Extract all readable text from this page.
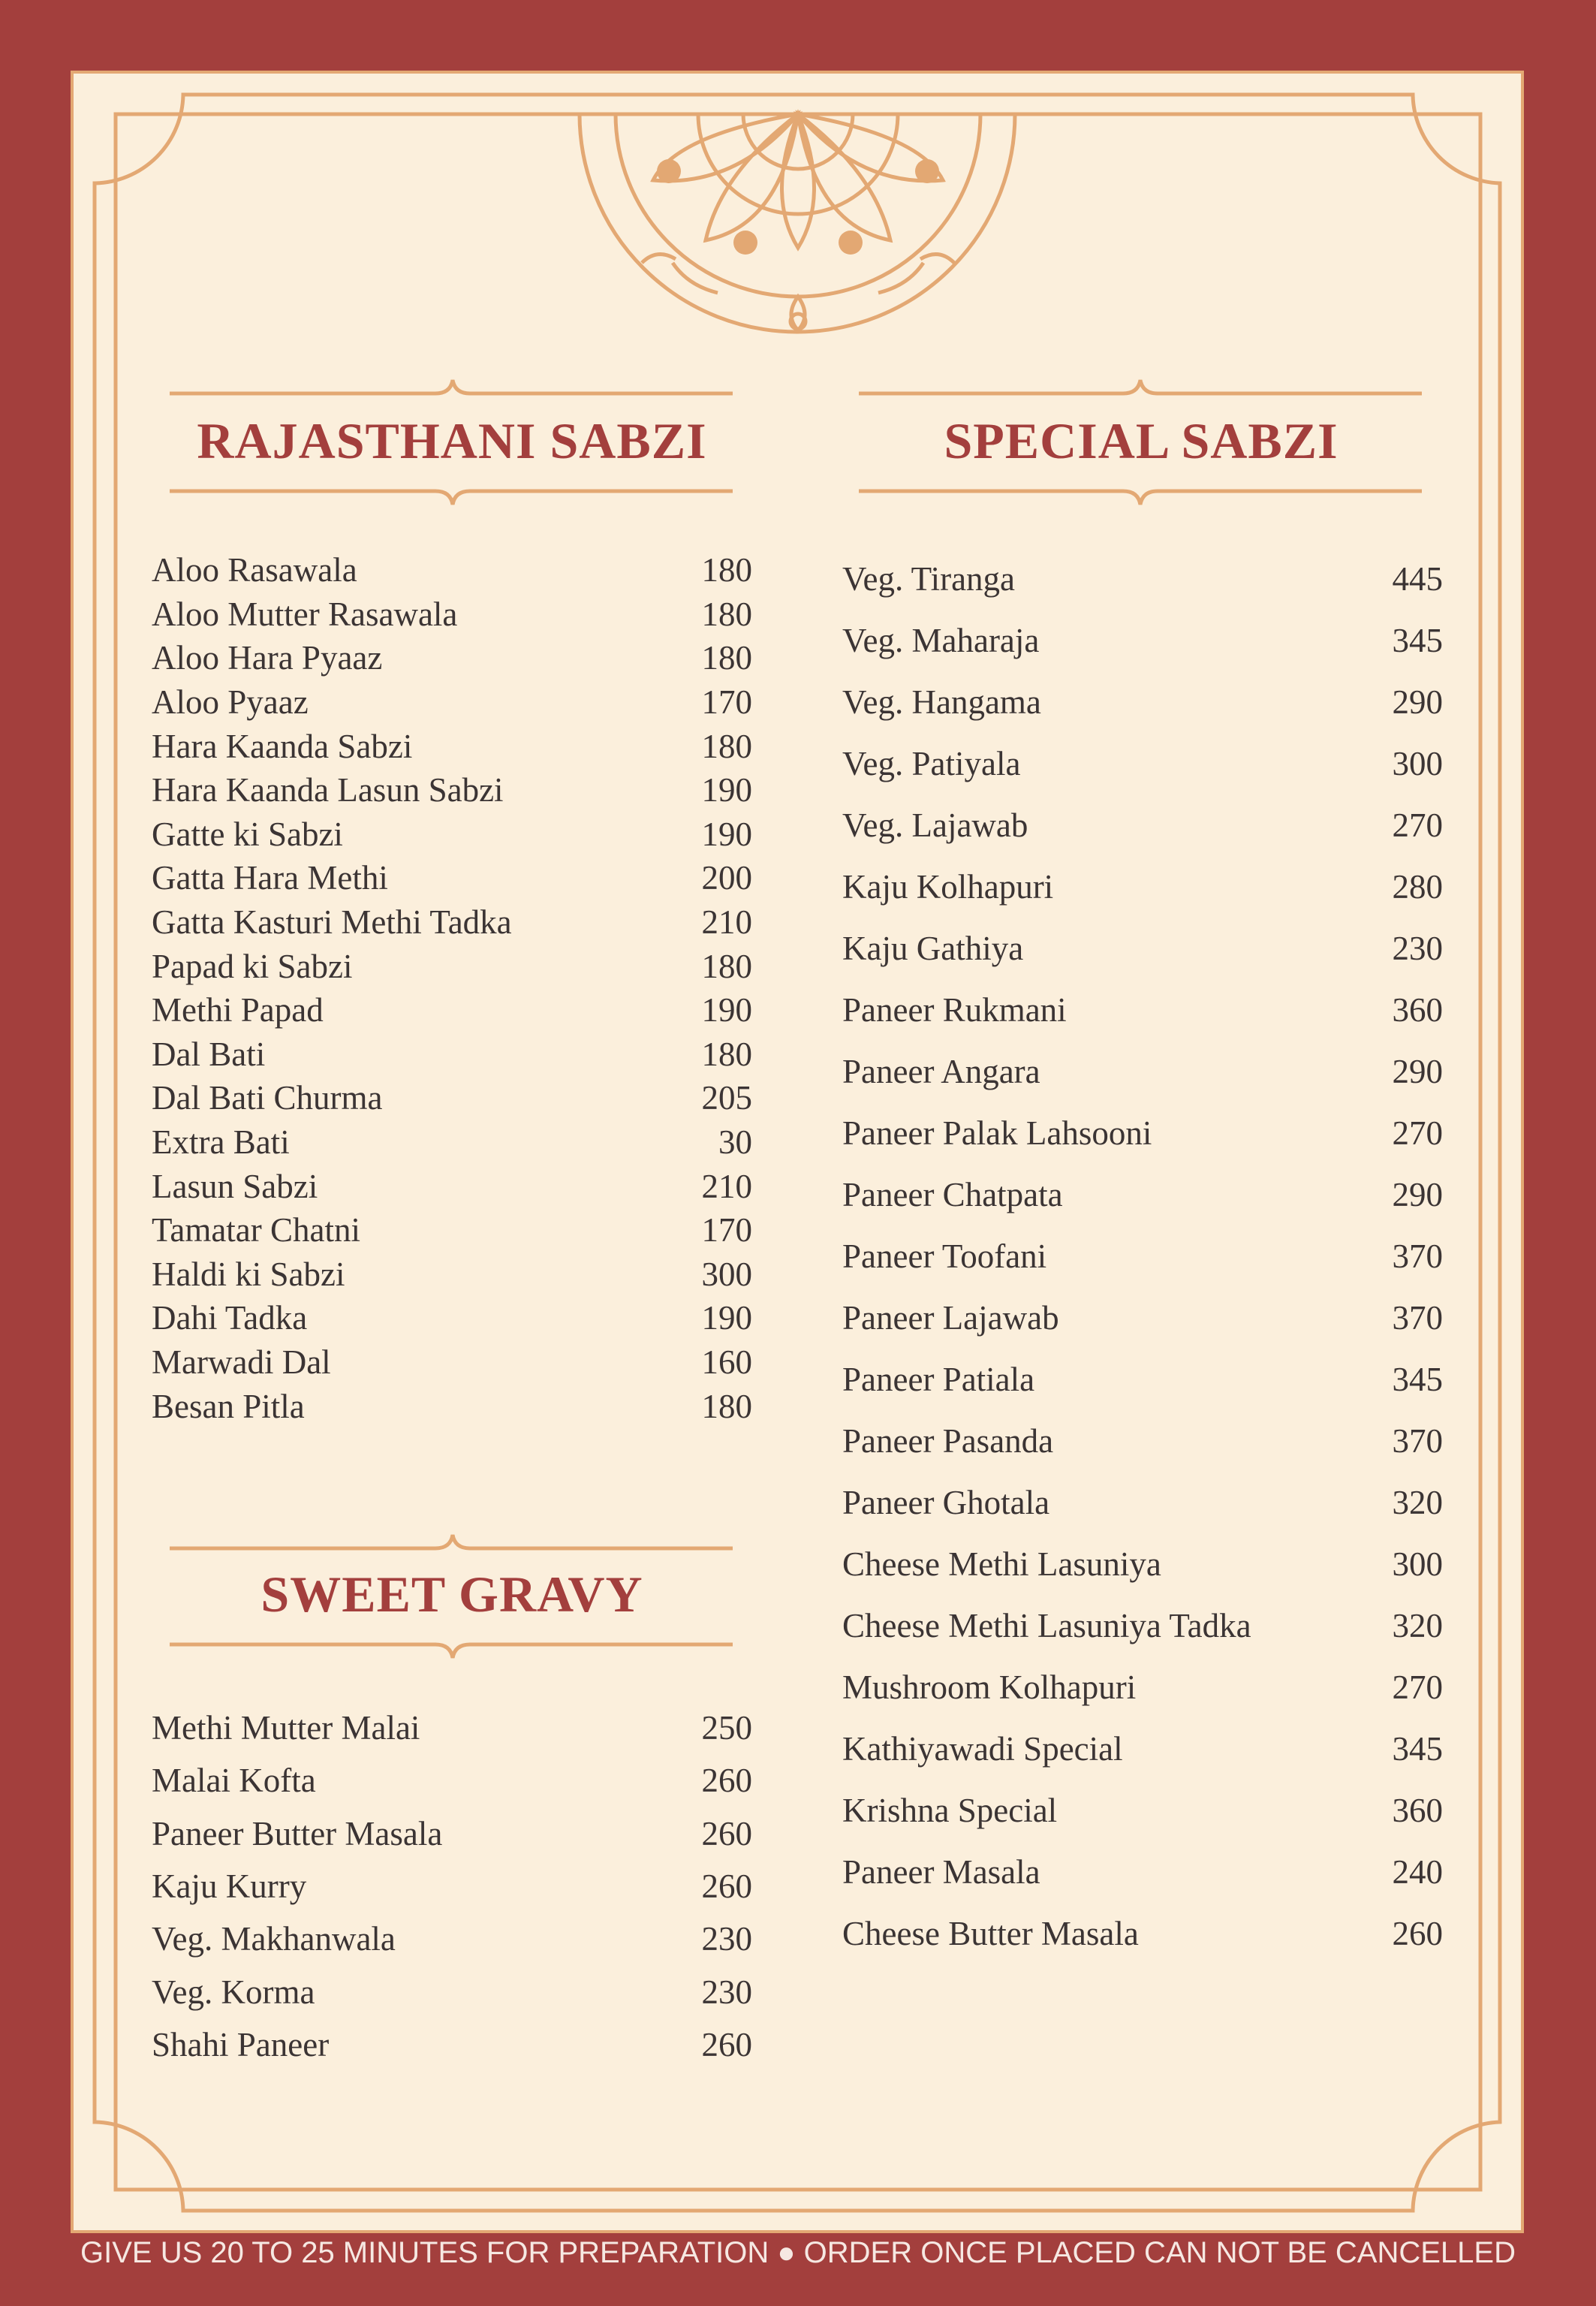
RAJASTHANI SABZI	SPECIAL SABZI
SWEET GRAVY
Aloo Rasawala	180
Aloo Mutter Rasawala	180
Aloo Hara Pyaaz	180
Aloo Pyaaz	170
Hara Kaanda Sabzi	180
Hara Kaanda Lasun Sabzi	190
Gatte ki Sabzi	190
Gatta Hara Methi	200
Gatta Kasturi Methi Tadka	210
Papad ki Sabzi	180
Methi Papad	190
Dal Bati	180
Dal Bati Churma	205
Extra Bati	30
Lasun Sabzi	210
Tamatar Chatni	170
Haldi ki Sabzi	300
Dahi Tadka	190
Marwadi Dal	160
Besan Pitla	180
Veg. Tiranga	445
Veg. Maharaja	345
Veg. Hangama	290
Veg. Patiyala	300
Veg. Lajawab	270
Kaju Kolhapuri	280
Kaju Gathiya	230
Paneer Rukmani	360
Paneer Angara	290
Paneer Palak Lahsooni	270
Paneer Chatpata	290
Paneer Toofani	370
Paneer Lajawab	370
Paneer Patiala	345
Paneer Pasanda	370
Paneer Ghotala	320
Cheese Methi Lasuniya	300
Cheese Methi Lasuniya Tadka	320
Mushroom Kolhapuri	270
Kathiyawadi Special	345
Krishna Special	360
Paneer Masala	240
Cheese Butter Masala	260
Methi Mutter Malai	250
Malai Kofta	260
Paneer Butter Masala	260
Kaju Kurry	260
Veg. Makhanwala	230
Veg. Korma	230
Shahi Paneer	260
GIVE US 20 TO 25 MINUTES FOR PREPARATION ● ORDER ONCE PLACED CAN NOT BE CANCELLED
